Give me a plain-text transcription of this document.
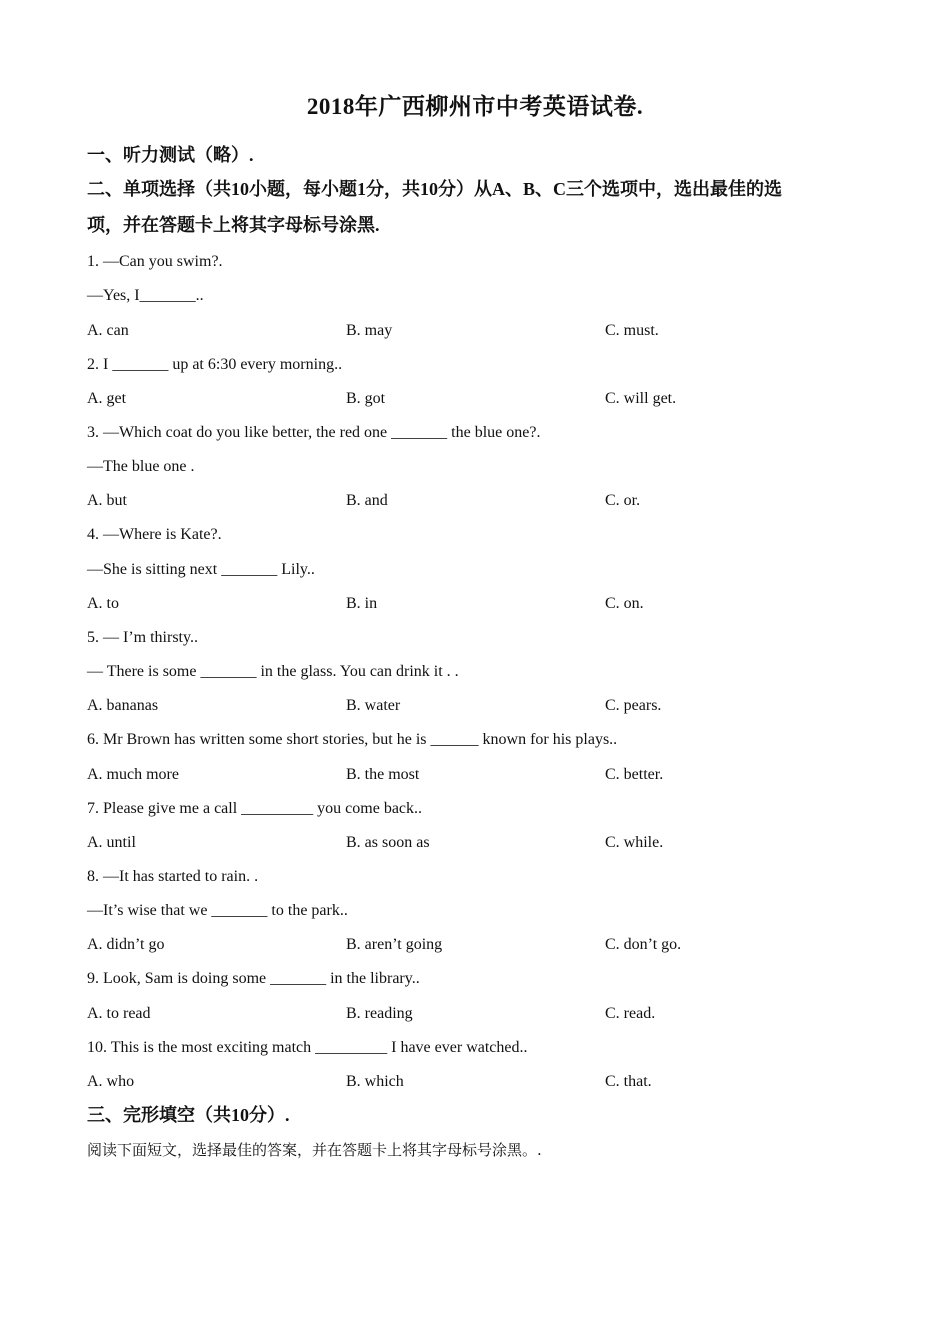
2018年广西柳州市中考英语试卷.
一、听力测试（略）.
二、单项选择（共10小题，每小题1分，共10分）从A、B、C三个选项中，选出最佳的选
项，并在答题卡上将其字母标号涂黑.
1. —Can you swim?.
—Yes, I_______..
A. can	B. may	C. must.
2. I _______ up at 6:30 every morning..
A. get	B. got	C. will get.
3. —Which coat do you like better, the red one _______ the blue one?.
—The blue one .
A. but	B. and	C. or.
4. —Where is Kate?.
—She is sitting next _______ Lily..
A. to	B. in	C. on.
5. — I’m thirsty..
— There is some _______ in the glass. You can drink it . .
A. bananas	B. water	C. pears.
6. Mr Brown has written some short stories, but he is ______ known for his plays..
A. much more	B. the most	C. better.
7. Please give me a call _________ you come back..
A. until	B. as soon as	C. while.
8. —It has started to rain. .
—It’s wise that we _______ to the park..
A. didn’t go	B. aren’t going	C. don’t go.
9. Look, Sam is doing some _______ in the library..
A. to read	B. reading	C. read.
10. This is the most exciting match _________ I have ever watched..
A. who	B. which	C. that.
三、完形填空（共10分）.
阅读下面短文，选择最佳的答案，并在答题卡上将其字母标号涂黑。.
